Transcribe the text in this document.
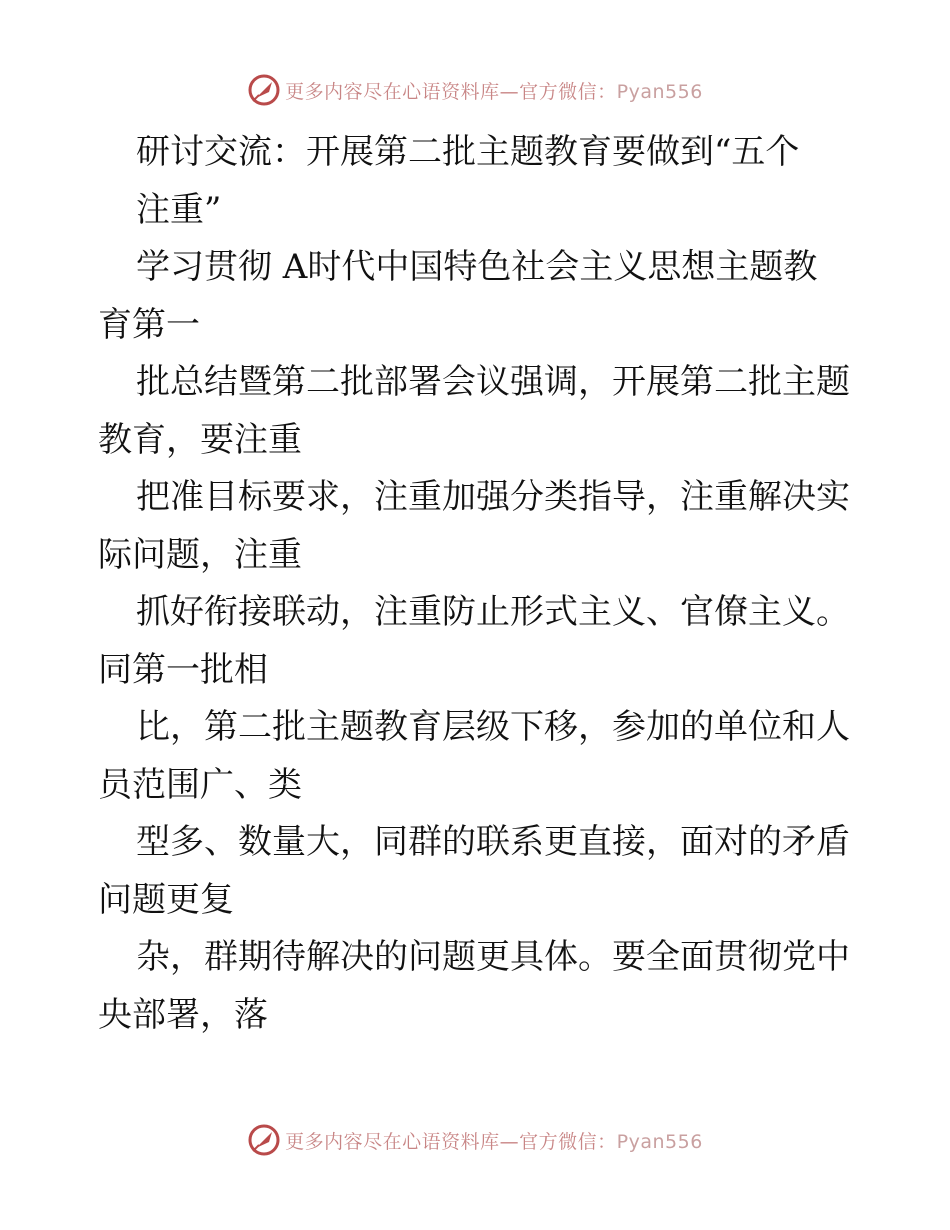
更多内容尽在心语资料库—官方微信：Pyan556
研讨交流：开展第二批主题教育要做到“五个
注重”
学习贯彻 A时代中国特色社会主义思想主题教
育第一
批总结暨第二批部署会议强调，开展第二批主题
教育，要注重
把准目标要求，注重加强分类指导，注重解决实
际问题，注重
抓好衔接联动，注重防止形式主义、官僚主义。
同第一批相
比，第二批主题教育层级下移，参加的单位和人
员范围广、类
型多、数量大，同群的联系更直接，面对的矛盾
问题更复
杂，群期待解决的问题更具体。要全面贯彻党中
央部署，落
更多内容尽在心语资料库—官方微信：Pyan556
